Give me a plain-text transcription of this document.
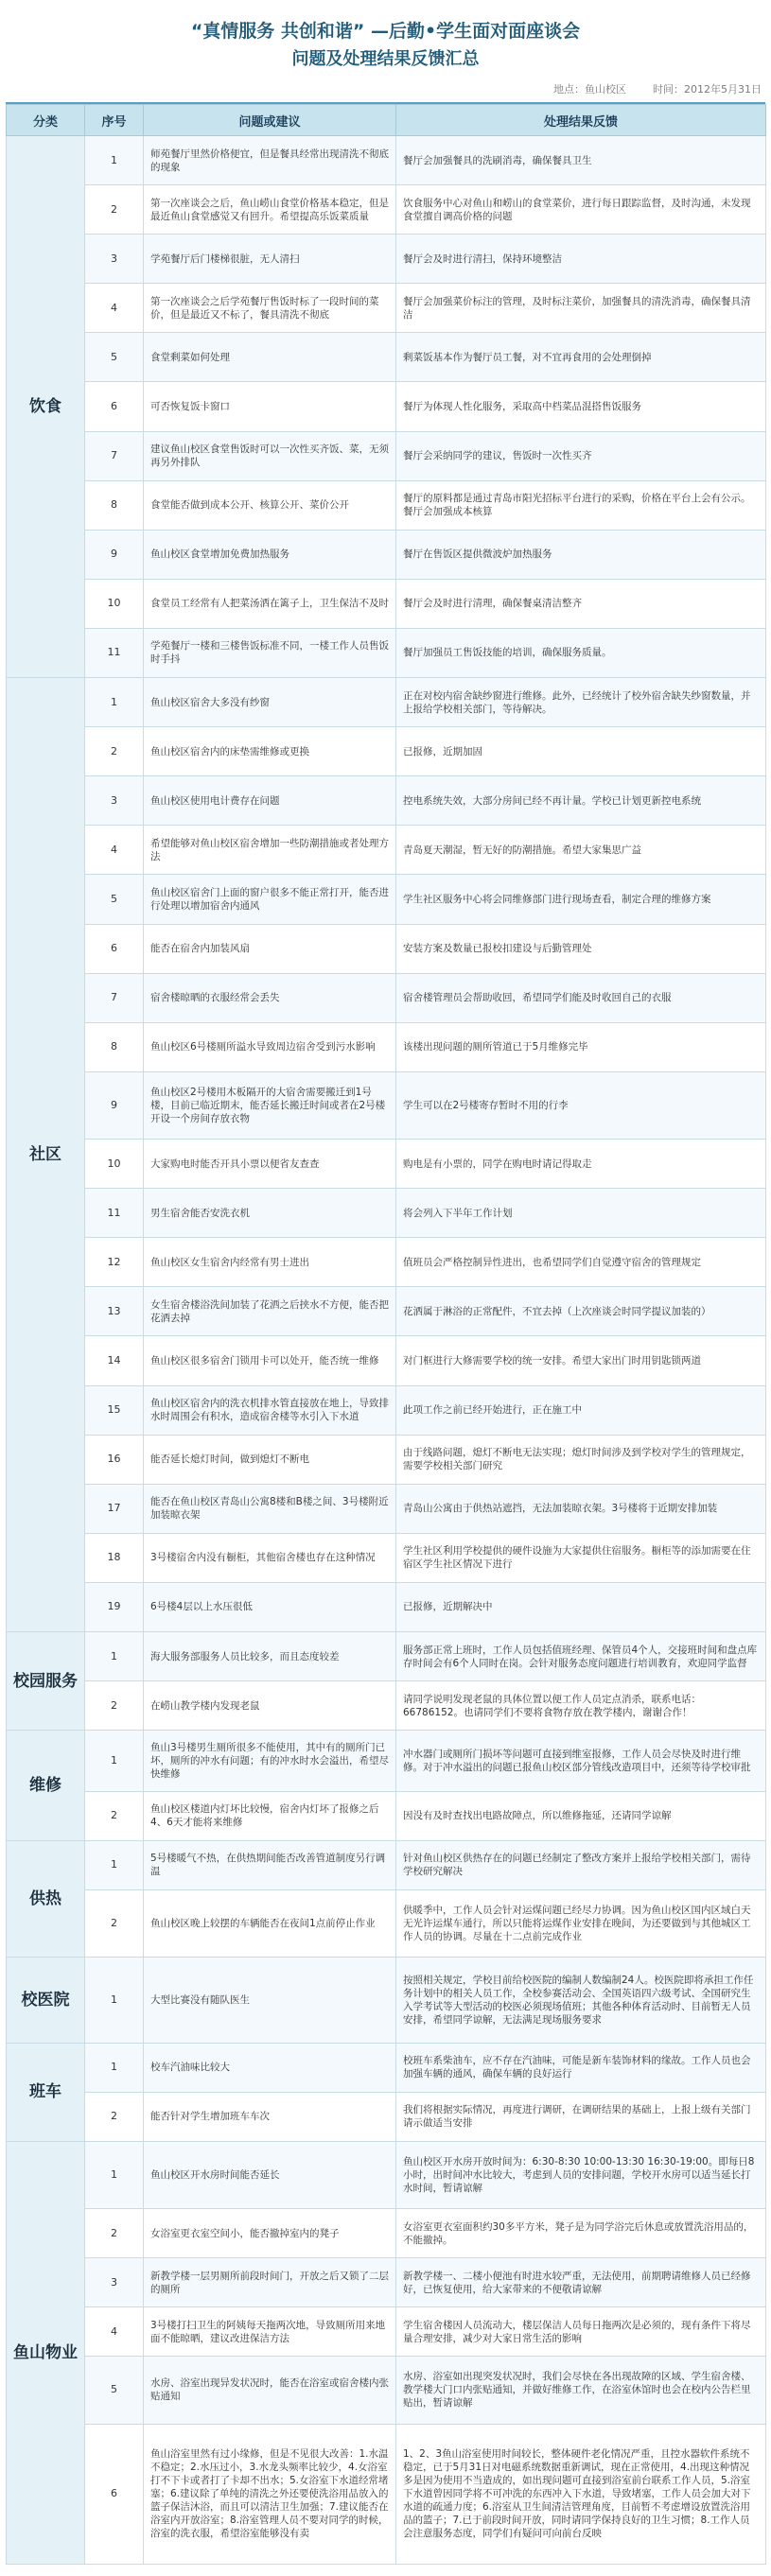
“真情服务 共创和谐” —后勤•学生面对面座谈会
问题及处理结果反馈汇总
地点：鱼山校区	时间：2012年5月31日
分类	序号	问题或建议	处理结果反馈
饮食	1	师苑餐厅里然价格便宜，但是餐具经常出现清洗不彻底的现象	餐厅会加强餐具的洗刷消毒，确保餐具卫生
	2	第一次座谈会之后，鱼山崂山食堂价格基本稳定，但是最近鱼山食堂感觉又有回升。希望提高乐饭菜质量	饮食服务中心对鱼山和崂山的食堂菜价，进行每日跟踪监督，及时沟通，未发现食堂擅自调高价格的问题
	3	学苑餐厅后门楼梯很脏，无人清扫	餐厅会及时进行清扫，保持环境整洁
	4	第一次座谈会之后学苑餐厅售饭时标了一段时间的菜价，但是最近又不标了，餐具清洗不彻底	餐厅会加强菜价标注的管理，及时标注菜价，加强餐具的清洗消毒，确保餐具清洁
	5	食堂剩菜如何处理	剩菜饭基本作为餐厅员工餐，对不宜再食用的会处理倒掉
	6	可否恢复饭卡窗口	餐厅为体现人性化服务，采取高中档菜品混搭售饭服务
	7	建议鱼山校区食堂售饭时可以一次性买齐饭、菜，无须再另外排队	餐厅会采纳同学的建议，售饭时一次性买齐
	8	食堂能否做到成本公开、核算公开、菜价公开	餐厅的原料都是通过青岛市阳光招标平台进行的采购，价格在平台上会有公示。餐厅会加强成本核算
	9	鱼山校区食堂增加免费加热服务	餐厅在售饭区提供微波炉加热服务
	10	食堂员工经常有人把菜汤洒在篱子上，卫生保洁不及时	餐厅会及时进行清理，确保餐桌清洁整齐
	11	学苑餐厅一楼和三楼售饭标准不同，一楼工作人员售饭时手抖	餐厅加强员工售饭技能的培训，确保服务质量。
社区	1	鱼山校区宿舍大多没有纱窗	正在对校内宿舍缺纱窗进行维修。此外，已经统计了校外宿舍缺失纱窗数量，并上报给学校相关部门，等待解决。
	2	鱼山校区宿舍内的床垫需维修或更换	已报修，近期加固
	3	鱼山校区使用电计费存在问题	控电系统失效，大部分房间已经不再计量。学校已计划更新控电系统
	4	希望能够对鱼山校区宿舍增加一些防潮措施或者处理方法	青岛夏天潮湿，暂无好的防潮措施。希望大家集思广益
	5	鱼山校区宿舍门上面的窗户很多不能正常打开，能否进行处理以增加宿舍内通风	学生社区服务中心将会同维修部门进行现场查看，制定合理的维修方案
	6	能否在宿舍内加装风扇	安装方案及数量已报校扣建设与后勤管理处
	7	宿舍楼晾晒的衣服经常会丢失	宿舍楼管理员会帮助收回，希望同学们能及时收回自己的衣服
	8	鱼山校区6号楼厕所溢水导致周边宿舍受到污水影响	该楼出现问题的厕所管道已于5月维修完毕
	9	鱼山校区2号楼用木板隔开的大宿舍需要搬迁到1号楼，目前已临近期末，能否延长搬迁时间或者在2号楼开设一个房间存放衣物	学生可以在2号楼寄存暂时不用的行李
	10	大家购电时能否开具小票以便省友查查	购电是有小票的，同学在购电时请记得取走
	11	男生宿舍能否安洗衣机	将会列入下半年工作计划
	12	鱼山校区女生宿舍内经常有男士进出	值班员会严格控制异性进出，也希望同学们自觉遵守宿舍的管理规定
	13	女生宿舍楼浴洗间加装了花洒之后挟水不方便，能否把花洒去掉	花洒属于淋浴的正常配件，不宜去掉（上次座谈会时同学提议加装的）
	14	鱼山校区很多宿舍门锁用卡可以处开，能否统一维修	对门框进行大修需要学校的统一安排。希望大家出门时用钥匙锁两道
	15	鱼山校区宿舍内的洗衣机排水管直接放在地上，导致排水时周围会有积水，造成宿舍楼等水引入下水道	此项工作之前已经开始进行，正在施工中
	16	能否延长熄灯时间，做到熄灯不断电	由于线路问题，熄灯不断电无法实现；熄灯时间涉及到学校对学生的管理规定，需要学校相关部门研究
	17	能否在鱼山校区青岛山公寓8楼和B楼之间、3号楼附近加装晾衣架	青岛山公寓由于供热站遮挡，无法加装晾衣架。3号楼将于近期安排加装
	18	3号楼宿舍内没有橱柜，其他宿舍楼也存在这种情况	学生社区利用学校提供的硬件设施为大家提供住宿服务。橱柜等的添加需要在住宿区学生社区情况下进行
	19	6号楼4层以上水压很低	已报修，近期解决中
校园服务	1	海大服务部服务人员比较多，而且态度较差	服务部正常上班时，工作人员包括值班经理、保管员4个人，交接班时间和盘点库存时间会有6个人同时在岗。会针对服务态度问题进行培训教育，欢迎同学监督
	2	在崂山教学楼内发现老鼠	请同学说明发现老鼠的具体位置以便工作人员定点消杀，联系电话：66786152。也请同学们不要将食物存放在教学楼内，谢谢合作！
维修	1	鱼山3号楼男生厕所很多不能使用，其中有的厕所门已坏，厕所的冲水有问题；有的冲水时水会溢出，希望尽快维修	冲水器门或厕所门损坏等问题可直接到维室报修，工作人员会尽快及时进行维修。对于冲水溢出的问题已报鱼山校区部分管线改造项目中，还须等待学校审批
	2	鱼山校区楼道内灯坏比较慢，宿舍内灯坏了报修之后4、6天才能将来维修	因没有及时查找出电路故障点，所以维修拖延，还请同学谅解
供热	1	5号楼暖气不热，在供热期间能否改善管道制度另行调温	针对鱼山校区供热存在的问题已经制定了整改方案并上报给学校相关部门，需待学校研究解决
	2	鱼山校区晚上较摆的车辆能否在夜间1点前停止作业	供暖季中，工作人员会针对运煤问题已经尽力协调。因为鱼山校区国内区域白天无光许运煤车通行，所以只能将运煤作业安排在晚间，为还要做到与其他城区工作人员的协调。尽量在十二点前完成作业
校医院	1	大型比赛没有随队医生	按照相关规定，学校目前给校医院的编制人数编制24人。校医院即将承担工作任务计划中的相关人员工作，全校参赛活动会、全国英语四六级考试、全国研究生入学考试等大型活动的校医必须现场值班；其他各种体育活动时、目前暂无人员安排，希望同学谅解，无法满足现场服务要求
班车	1	校车汽油味比较大	校班车系柴油车，应不存在汽油味，可能是新车装饰材料的缘故。工作人员也会加强车辆的通风，确保车辆的良好运行
	2	能否针对学生增加班车车次	我们将根据实际情况，再度进行调研，在调研结果的基础上，上报上级有关部门请示做适当安排
鱼山物业	1	鱼山校区开水房时间能否延长	鱼山校区开水房开放时间为：6:30-8:30 10:00-13:30 16:30-19:00。即每日8小时，出时间冲水比较大，考虑到人员的安排问题，学校开水房可以适当延长打水时间，暂请谅解
	2	女浴室更衣室空间小，能否撤掉室内的凳子	女浴室更衣室面积约30多平方米，凳子是为同学浴完后休息或放置洗浴用品的，不能撤掉。
	3	新教学楼一层男厕所前段时间门，开放之后又锁了二层的厕所	新教学楼一、二楼小便池有时进水较严重，无法使用，前期聘请维修人员已经修好，已恢复使用，给大家带来的不便敬请谅解
	4	3号楼打扫卫生的阿姨每天拖两次地，导致厕所用来地面不能晾晒，建议改进保洁方法	学生宿舍楼因人员流动大，楼层保洁人员每日拖两次是必须的，现有条件下将尽量合理安排，减少对大家日常生活的影响
	5	水房、浴室出现异发状况时，能否在浴室或宿舍楼内张贴通知	水房、浴室如出现突发状况时，我们会尽快在各出现故障的区域、学生宿舍楼、教学楼大门口内张贴通知，并做好维修工作，在浴室休馆时也会在校内公告栏里贴出，暂请谅解
	6	鱼山浴室里然有过小缘修，但是不见很大改善：1.水温不稳定；2.水压过小，3.水龙头频率比较少，4.女浴室打不下卡或者打了卡却不出水；5.女浴室下水道经常堵塞；6.建议除了单纯的清洗之外还要使洗浴用品放入的篮子保洁沐浴，而且可以清洁卫生加强；7.建议能否在浴室内开放浴室；8.浴室管理人员不要对同学的时候，浴室的洗衣服，希望浴室能够没有卖	1、2、3鱼山浴室使用时间较长，整体硬件老化情况严重，且控水器软件系统不稳定，已于5月31日对电磁系统数据重新调试，现在正常使用，4.出现这种情况多是因为使用不当造成的，如出现问题可直接到浴室前台联系工作人员，5.浴室下水道曾因同学将不可冲洗的东西冲入下水道，导致堵塞，工作人员会加大对下水道的疏通力度；6.浴室从卫生间清洁管理角度，目前暂不考虑增设放置洗浴用品的篮子；7.已于前段时间开放，同时请同学保持良好的卫生习惯；8.工作人员会注意服务态度，同学们有疑问可向前台反映
